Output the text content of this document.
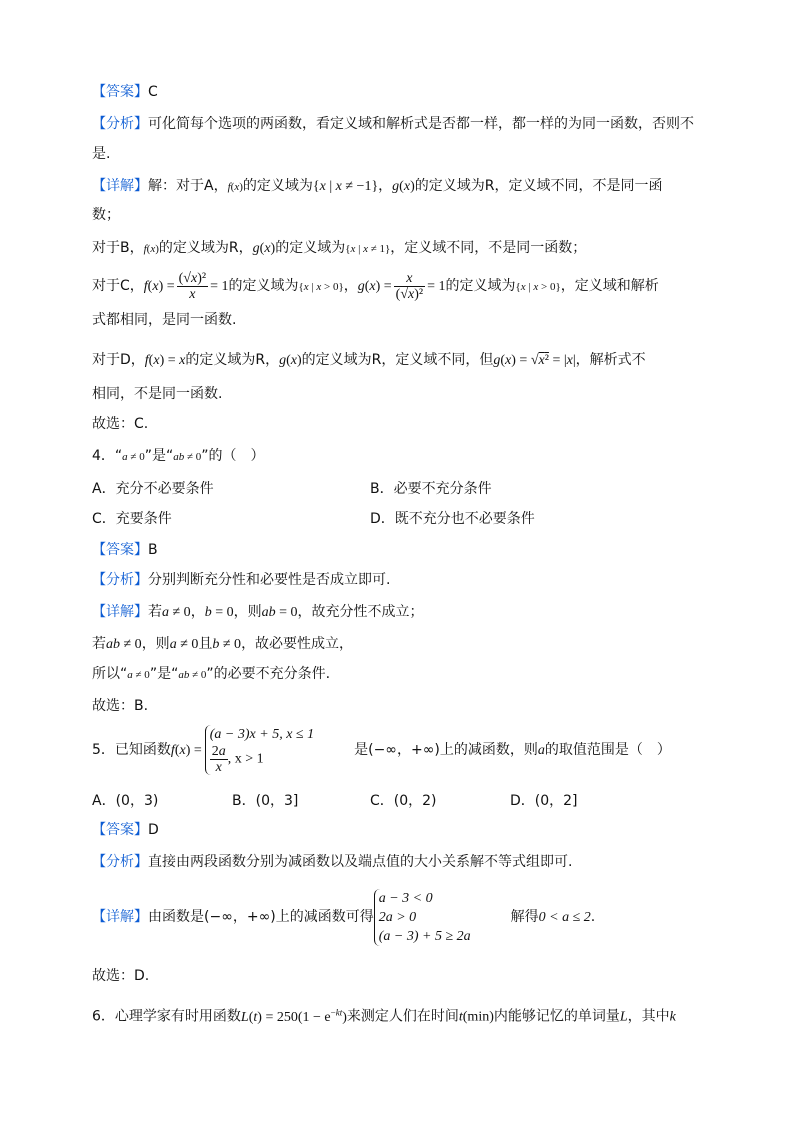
【答案】C
【分析】可化简每个选项的两函数，看定义域和解析式是否都一样，都一样的为同一函数，否则不
是.
【详解】解：对于A，f(x)的定义域为{x | x ≠ −1}，g(x)的定义域为R，定义域不同，不是同一函
数；
对于B，f(x)的定义域为R，g(x)的定义域为{x | x ≠ 1}，定义域不同，不是同一函数；
对于C，$f(x) = \frac{\text{(√x)²}}{x} = 1$的定义域为{x | x > 0}，$g(x) = \frac{x}{\text{(√x)²}} = 1$的定义域为{x | x > 0}，定义域和解析
式都相同，是同一函数.
对于D，f(x) = x的定义域为R，g(x)的定义域为R，定义域不同，但g(x) = √x² = |x|，解析式不
相同，不是同一函数.
故选：C.
4．“a ≠ 0”是“ab ≠ 0”的（　）
A．充分不必要条件	B．必要不充分条件
C．充要条件	D．既不充分也不必要条件
【答案】B
【分析】分别判断充分性和必要性是否成立即可.
【详解】若a ≠ 0，b = 0，则ab = 0，故充分性不成立；
若ab ≠ 0，则a ≠ 0且b ≠ 0，故必要性成立，
所以“a ≠ 0”是“ab ≠ 0”的必要不充分条件.
故选：B.
5．已知函数f(x) =
(a − 3)x + 5, x ≤ 1
$\frac{2a}{x}$ , x > 1
是(−∞，+∞)上的减函数，则a的取值范围是（　）
A．(0，3)	B．(0，3]	C．(0，2)	D．(0，2]
【答案】D
【分析】直接由两段函数分别为减函数以及端点值的大小关系解不等式组即可.
【详解】由函数是(−∞，+∞)上的减函数可得
a − 3 < 0
2a > 0
(a − 3) + 5 ≥ 2a
解得0 < a ≤ 2.
故选：D.
6．心理学家有时用函数$L(t) = 250(1 - e^{-kt})$来测定人们在时间t(min)内能够记忆的单词量L，其中k
